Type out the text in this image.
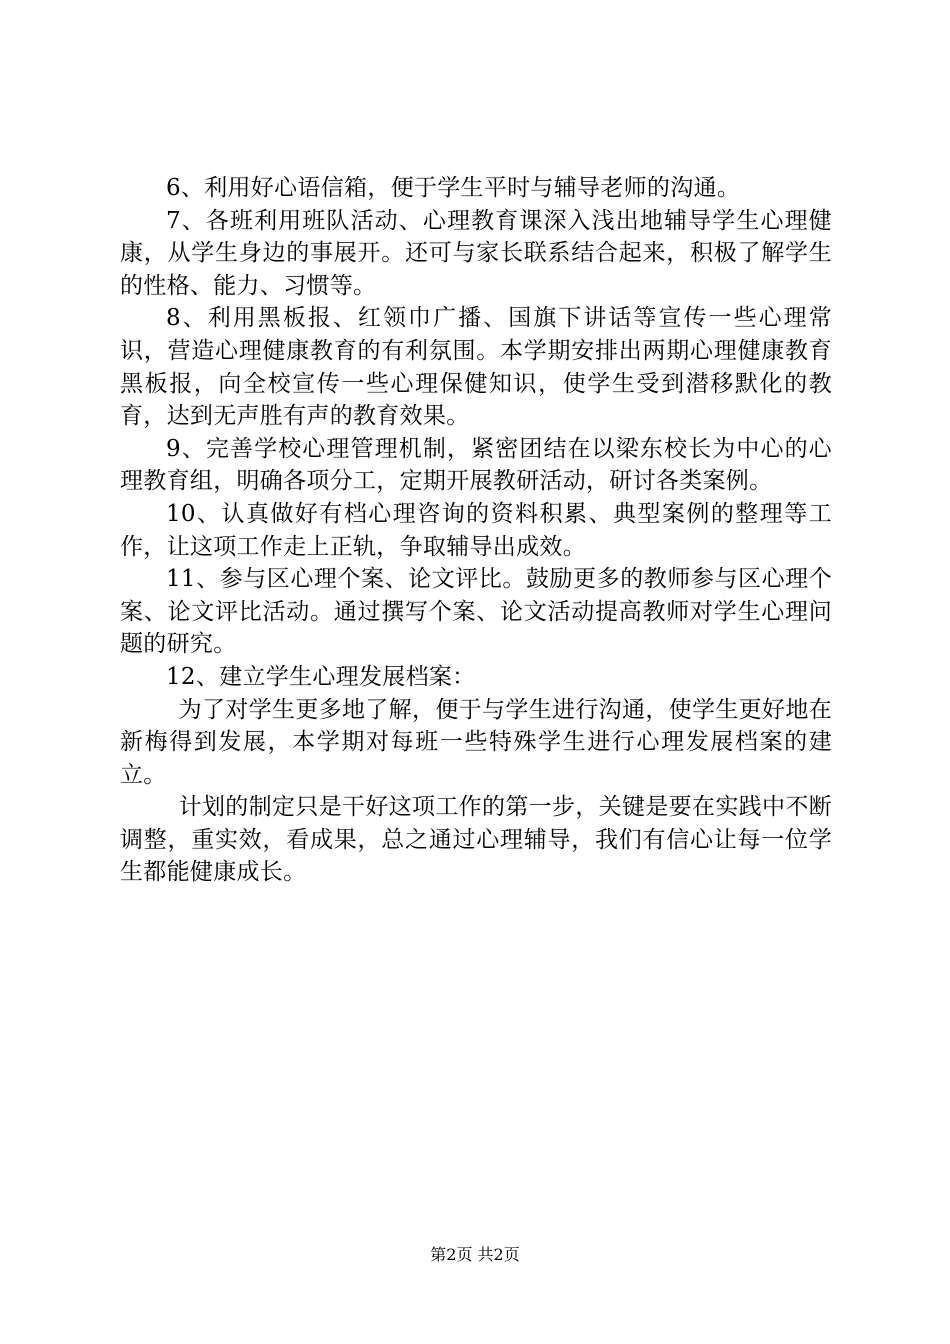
6、利用好心语信箱，便于学生平时与辅导老师的沟通。

7、各班利用班队活动、心理教育课深入浅出地辅导学生心理健康，从学生身边的事展开。还可与家长联系结合起来，积极了解学生的性格、能力、习惯等。

8、利用黑板报、红领巾广播、国旗下讲话等宣传一些心理常识，营造心理健康教育的有利氛围。本学期安排出两期心理健康教育黑板报，向全校宣传一些心理保健知识，使学生受到潜移默化的教育，达到无声胜有声的教育效果。

9、完善学校心理管理机制，紧密团结在以梁东校长为中心的心理教育组，明确各项分工，定期开展教研活动，研讨各类案例。

10、认真做好有档心理咨询的资料积累、典型案例的整理等工作，让这项工作走上正轨，争取辅导出成效。

11、参与区心理个案、论文评比。鼓励更多的教师参与区心理个案、论文评比活动。通过撰写个案、论文活动提高教师对学生心理问题的研究。

12、建立学生心理发展档案：

为了对学生更多地了解，便于与学生进行沟通，使学生更好地在新梅得到发展，本学期对每班一些特殊学生进行心理发展档案的建立。

计划的制定只是干好这项工作的第一步，关键是要在实践中不断调整，重实效，看成果，总之通过心理辅导，我们有信心让每一位学生都能健康成长。

第2页 共2页
